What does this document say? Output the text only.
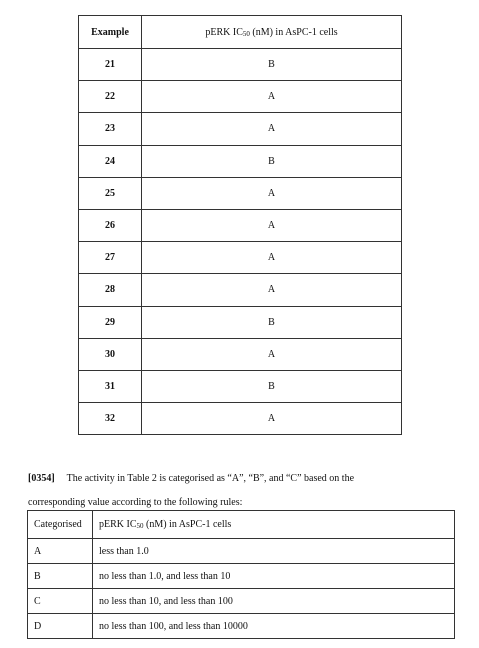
Example	pERK $IC_{50}$ (nM) in AsPC-1 cells
21	B
22	A
23	A
24	B
25	A
26	A
27	A
28	A
29	B
30	A
31	B
32	A
[0354] The activity in Table 2 is categorised as “A”, “B”, and “C” based on the
corresponding value according to the following rules:
Categorised	pERK $IC_{50}$ (nM) in AsPC-1 cells
A	less than 1.0
B	no less than 1.0, and less than 10
C	no less than 10, and less than 100
D	no less than 100, and less than 10000
